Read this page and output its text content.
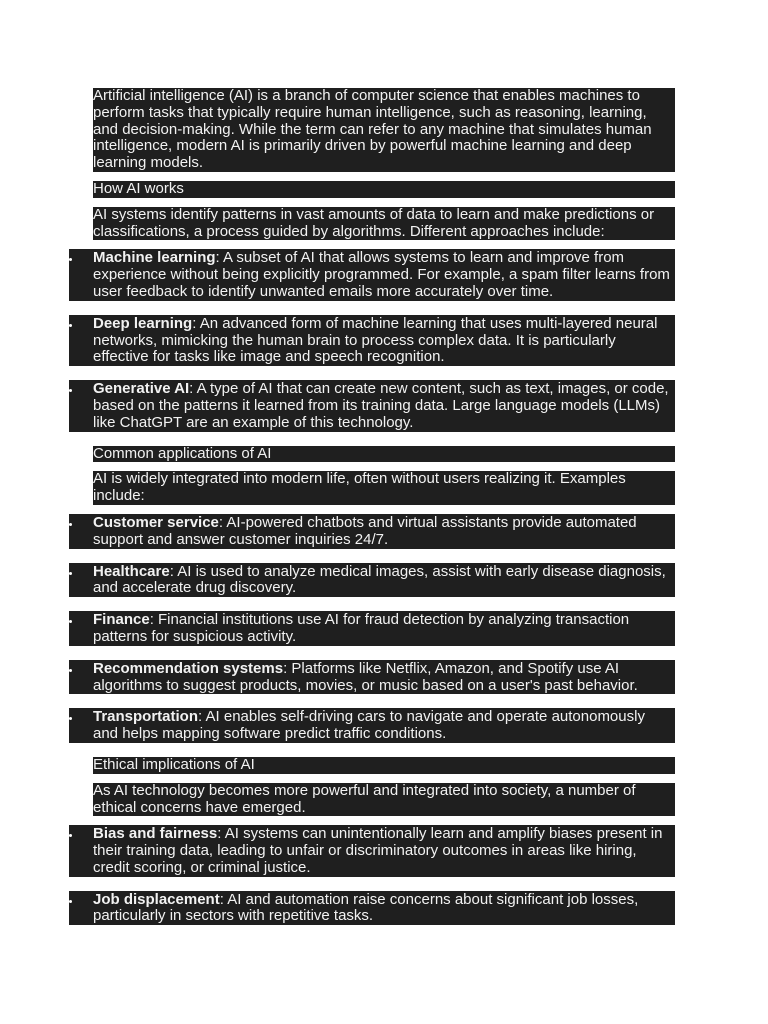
Artificial intelligence (AI) is a branch of computer science that enables machines to perform tasks that typically require human intelligence, such as reasoning, learning, and decision-making. While the term can refer to any machine that simulates human intelligence, modern AI is primarily driven by powerful machine learning and deep learning models.

How AI works

AI systems identify patterns in vast amounts of data to learn and make predictions or classifications, a process guided by algorithms. Different approaches include:

Machine learning: A subset of AI that allows systems to learn and improve from experience without being explicitly programmed. For example, a spam filter learns from user feedback to identify unwanted emails more accurately over time.
Deep learning: An advanced form of machine learning that uses multi-layered neural networks, mimicking the human brain to process complex data. It is particularly effective for tasks like image and speech recognition.
Generative AI: A type of AI that can create new content, such as text, images, or code, based on the patterns it learned from its training data. Large language models (LLMs) like ChatGPT are an example of this technology.

Common applications of AI

AI is widely integrated into modern life, often without users realizing it. Examples include:

Customer service: AI-powered chatbots and virtual assistants provide automated support and answer customer inquiries 24/7.
Healthcare: AI is used to analyze medical images, assist with early disease diagnosis, and accelerate drug discovery.
Finance: Financial institutions use AI for fraud detection by analyzing transaction patterns for suspicious activity.
Recommendation systems: Platforms like Netflix, Amazon, and Spotify use AI algorithms to suggest products, movies, or music based on a user's past behavior.
Transportation: AI enables self-driving cars to navigate and operate autonomously and helps mapping software predict traffic conditions.

Ethical implications of AI

As AI technology becomes more powerful and integrated into society, a number of ethical concerns have emerged.

Bias and fairness: AI systems can unintentionally learn and amplify biases present in their training data, leading to unfair or discriminatory outcomes in areas like hiring, credit scoring, or criminal justice.
Job displacement: AI and automation raise concerns about significant job losses, particularly in sectors with repetitive tasks.
